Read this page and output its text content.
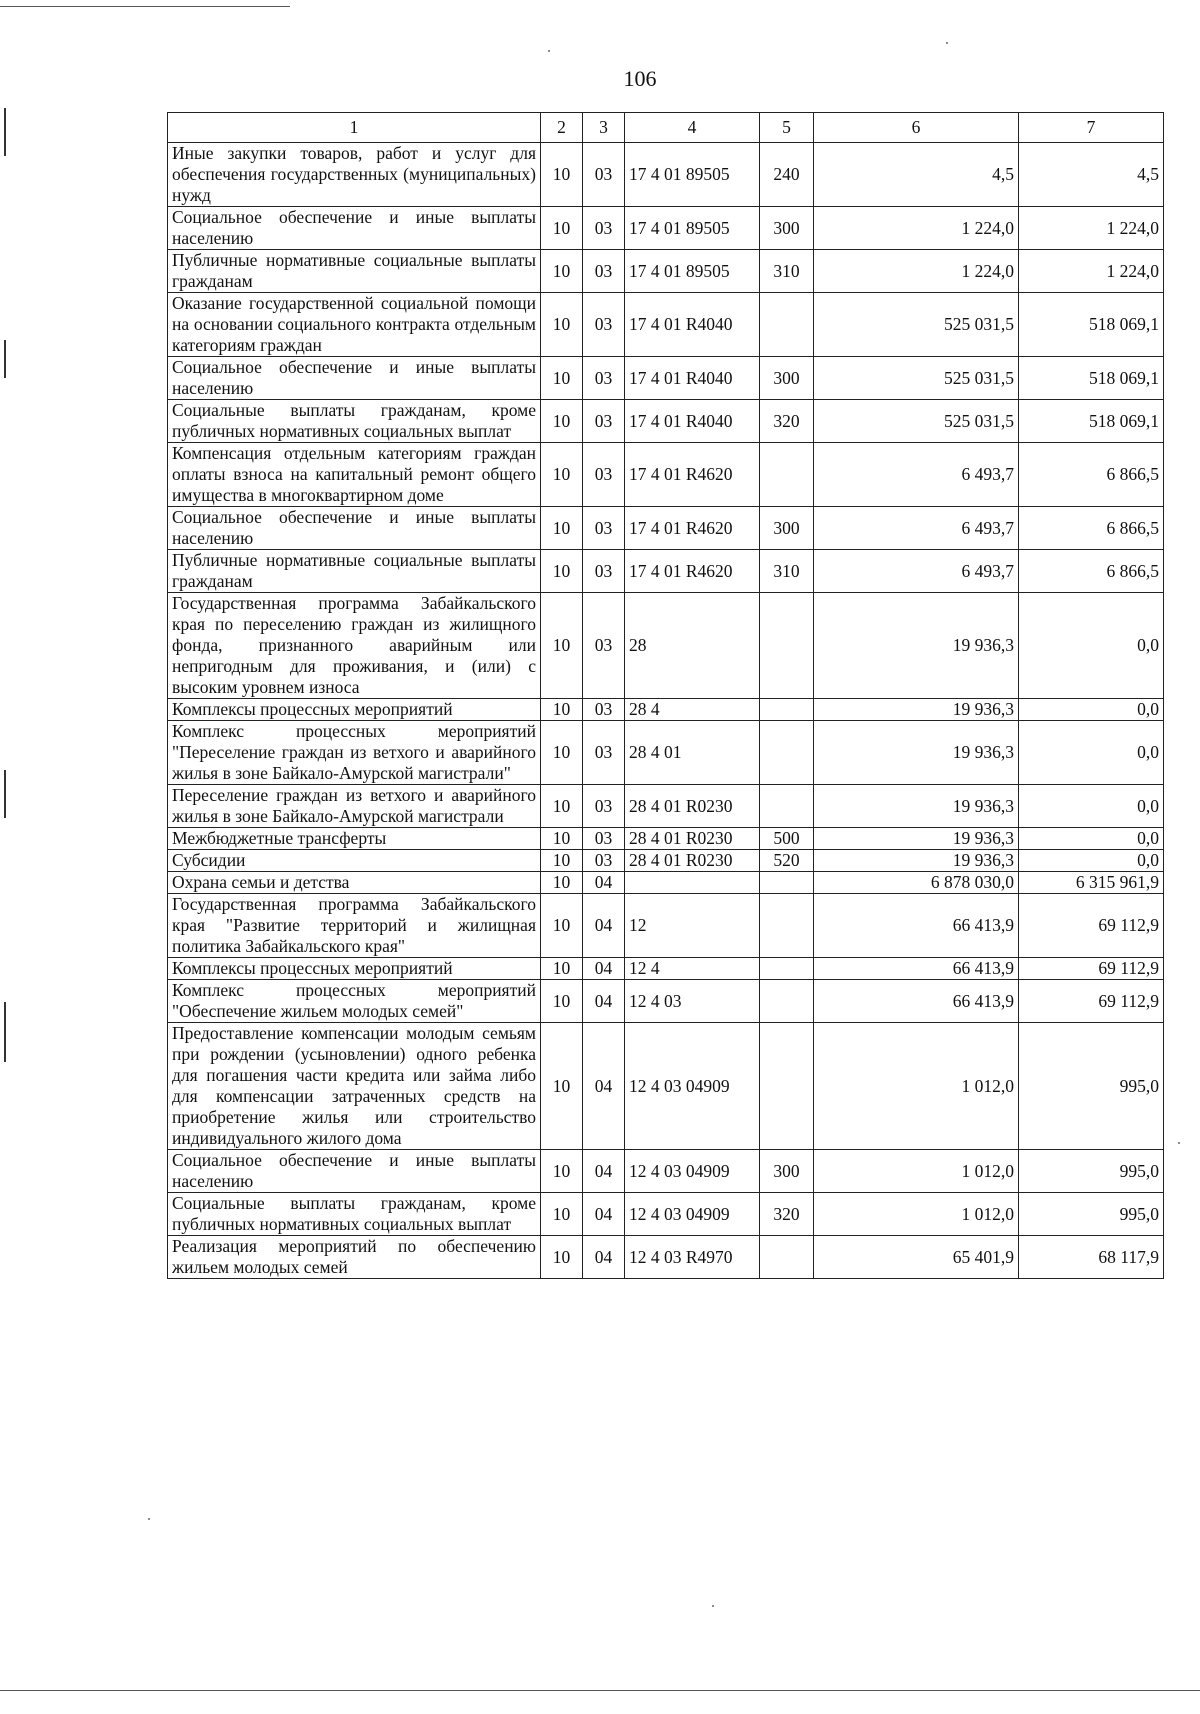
106
1	2	3	4	5	6	7
Иные закупки товаров, работ и услуг для обеспечения государственных (муниципальных) нужд	10	03	17 4 01 89505	240	4,5	4,5
Социальное обеспечение и иные выплаты населению	10	03	17 4 01 89505	300	1 224,0	1 224,0
Публичные нормативные социальные выплаты гражданам	10	03	17 4 01 89505	310	1 224,0	1 224,0
Оказание государственной социальной помощи на основании социального контракта отдельным категориям граждан	10	03	17 4 01 R4040		525 031,5	518 069,1
Социальное обеспечение и иные выплаты населению	10	03	17 4 01 R4040	300	525 031,5	518 069,1
Социальные выплаты гражданам, кроме публичных нормативных социальных выплат	10	03	17 4 01 R4040	320	525 031,5	518 069,1
Компенсация отдельным категориям граждан оплаты взноса на капитальный ремонт общего имущества в многоквартирном доме	10	03	17 4 01 R4620		6 493,7	6 866,5
Социальное обеспечение и иные выплаты населению	10	03	17 4 01 R4620	300	6 493,7	6 866,5
Публичные нормативные социальные выплаты гражданам	10	03	17 4 01 R4620	310	6 493,7	6 866,5
Государственная программа Забайкальского края по переселению граждан из жилищного фонда, признанного аварийным или непригодным для проживания, и (или) с высоким уровнем износа	10	03	28		19 936,3	0,0
Комплексы процессных мероприятий	10	03	28 4		19 936,3	0,0
Комплекс процессных мероприятий "Переселение граждан из ветхого и аварийного жилья в зоне Байкало-Амурской магистрали"	10	03	28 4 01		19 936,3	0,0
Переселение граждан из ветхого и аварийного жилья в зоне Байкало-Амурской магистрали	10	03	28 4 01 R0230		19 936,3	0,0
Межбюджетные трансферты	10	03	28 4 01 R0230	500	19 936,3	0,0
Субсидии	10	03	28 4 01 R0230	520	19 936,3	0,0
Охрана семьи и детства	10	04			6 878 030,0	6 315 961,9
Государственная программа Забайкальского края "Развитие территорий и жилищная политика Забайкальского края"	10	04	12		66 413,9	69 112,9
Комплексы процессных мероприятий	10	04	12 4		66 413,9	69 112,9
Комплекс процессных мероприятий "Обеспечение жильем молодых семей"	10	04	12 4 03		66 413,9	69 112,9
Предоставление компенсации молодым семьям при рождении (усыновлении) одного ребенка для погашения части кредита или займа либо для компенсации затраченных средств на приобретение жилья или строительство индивидуального жилого дома	10	04	12 4 03 04909		1 012,0	995,0
Социальное обеспечение и иные выплаты населению	10	04	12 4 03 04909	300	1 012,0	995,0
Социальные выплаты гражданам, кроме публичных нормативных социальных выплат	10	04	12 4 03 04909	320	1 012,0	995,0
Реализация мероприятий по обеспечению жильем молодых семей	10	04	12 4 03 R4970		65 401,9	68 117,9
